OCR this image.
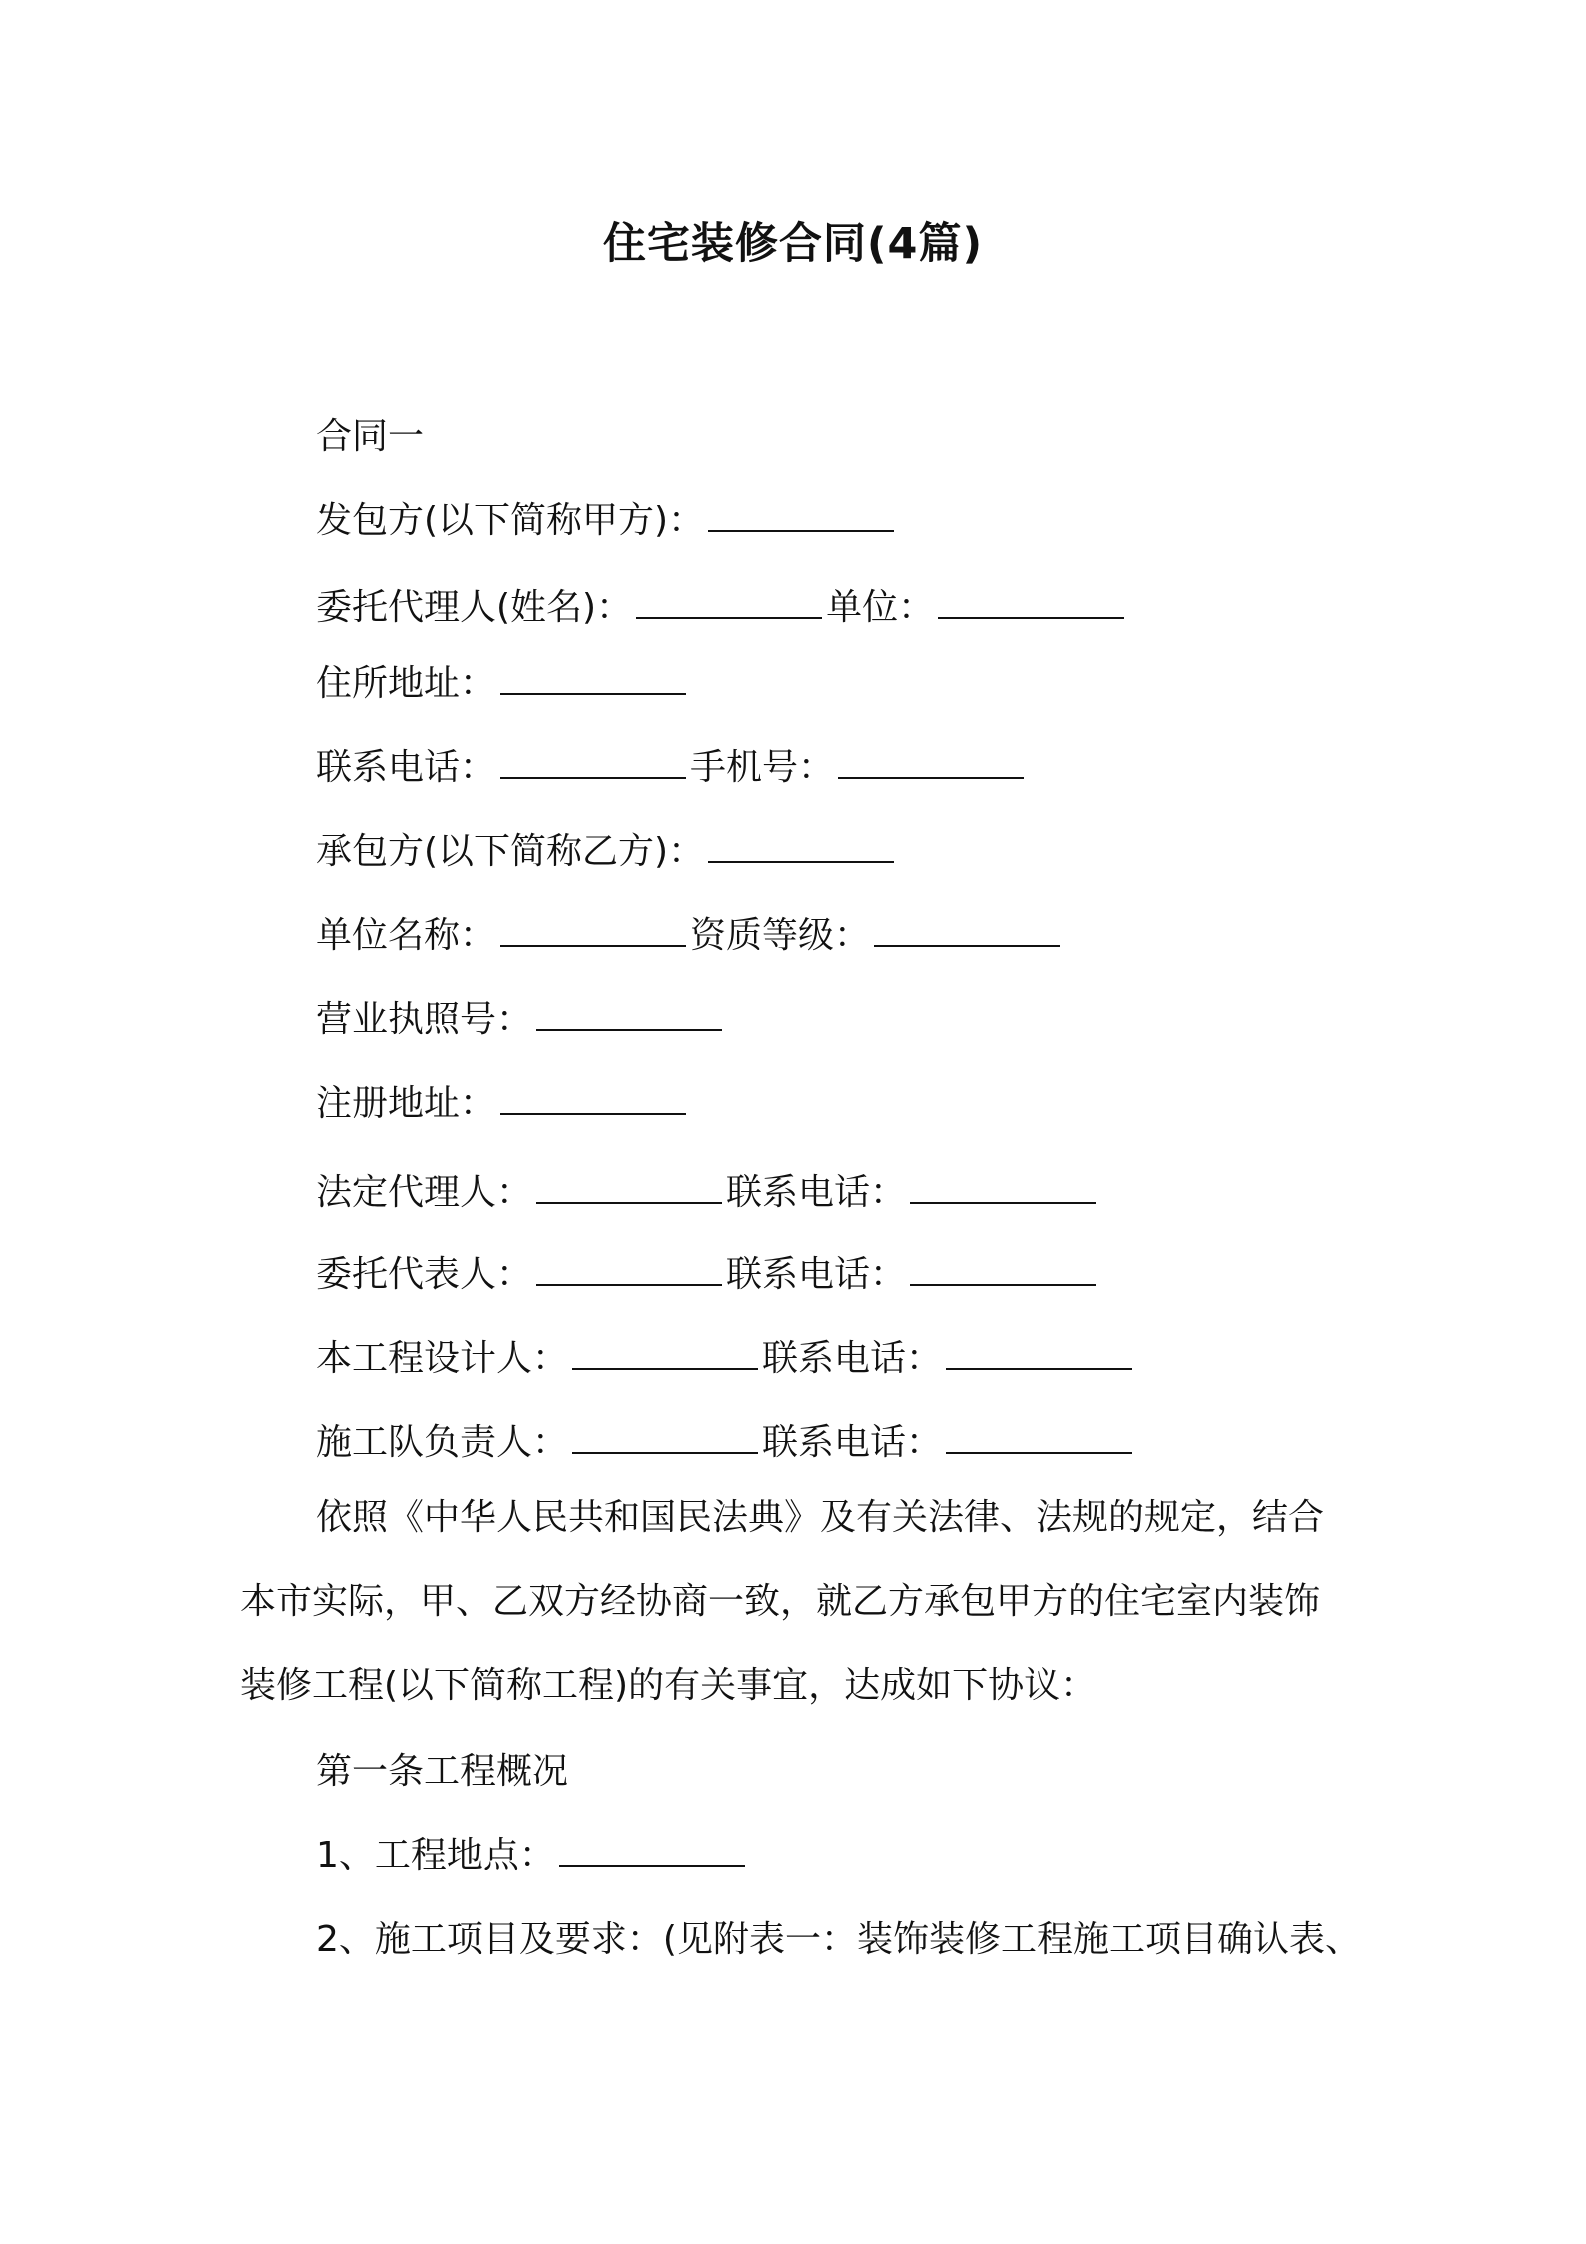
住宅装修合同(4篇)
合同一
发包方(以下简称甲方)：
委托代理人(姓名)：	单位：
住所地址：
联系电话：	手机号：
承包方(以下简称乙方)：
单位名称：	资质等级：
营业执照号：
注册地址：
法定代理人：	联系电话：
委托代表人：	联系电话：
本工程设计人：	联系电话：
施工队负责人：	联系电话：
依照《中华人民共和国民法典》及有关法律、法规的规定，结合
本市实际，甲、乙双方经协商一致，就乙方承包甲方的住宅室内装饰
装修工程(以下简称工程)的有关事宜，达成如下协议：
第一条工程概况
1、工程地点：
2、施工项目及要求：(见附表一：装饰装修工程施工项目确认表、
